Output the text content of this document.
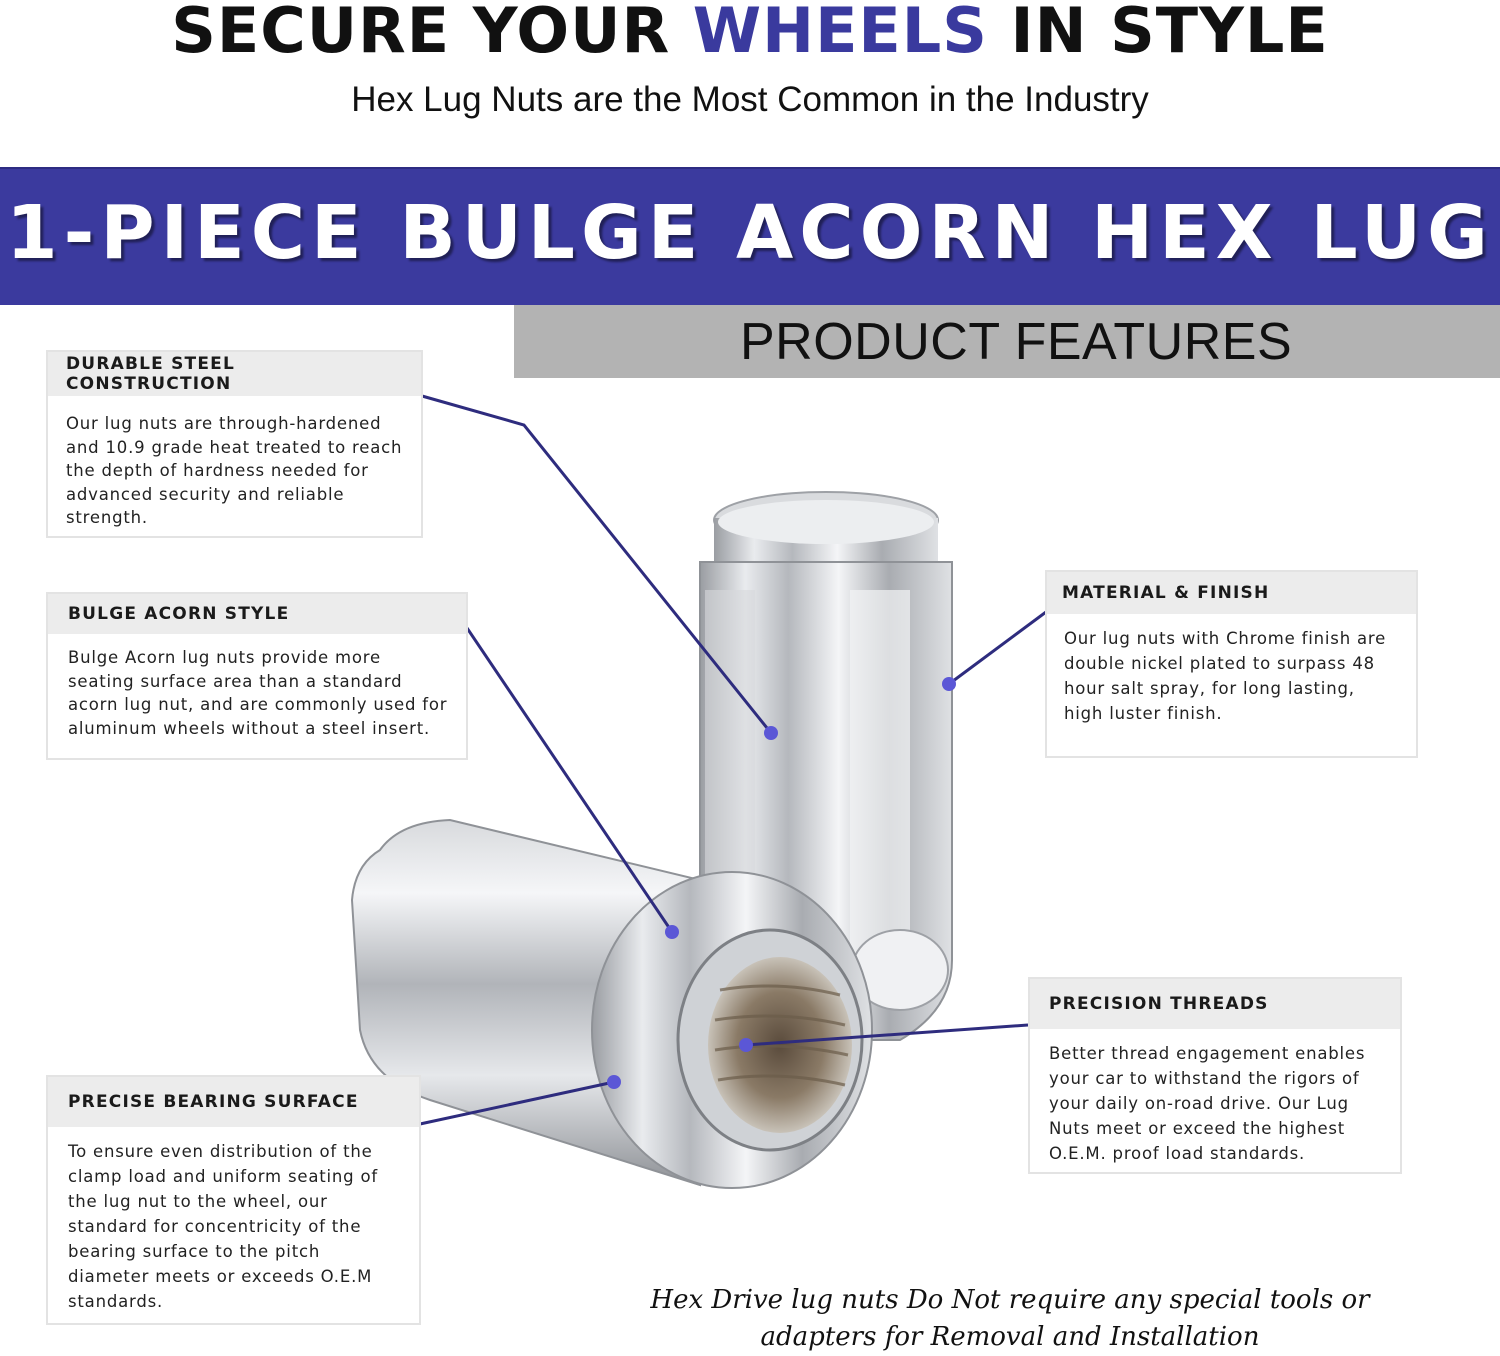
SECURE YOUR WHEELS IN STYLE
Hex Lug Nuts are the Most Common in the Industry
1-PIECE BULGE ACORN HEX LUG
PRODUCT FEATURES
DURABLE STEEL CONSTRUCTION
Our lug nuts are through-hardened and 10.9 grade heat treated to reach the depth of hardness needed for advanced security and reliable strength.
BULGE ACORN STYLE
Bulge Acorn lug nuts provide more seating surface area than a standard acorn lug nut, and are commonly used for aluminum wheels without a steel insert.
PRECISE BEARING SURFACE
To ensure even distribution of the clamp load and uniform seating of the lug nut to the wheel, our standard for concentricity of the bearing surface to the pitch diameter meets or exceeds O.E.M standards.
MATERIAL & FINISH
Our lug nuts with Chrome finish are double nickel plated to surpass 48 hour salt spray, for long lasting, high luster finish.
PRECISION THREADS
Better thread engagement enables your car to withstand the rigors of your daily on-road drive. Our Lug Nuts meet or exceed the highest O.E.M. proof load standards.
Hex Drive lug nuts Do Not require any special tools or adapters for Removal and Installation
